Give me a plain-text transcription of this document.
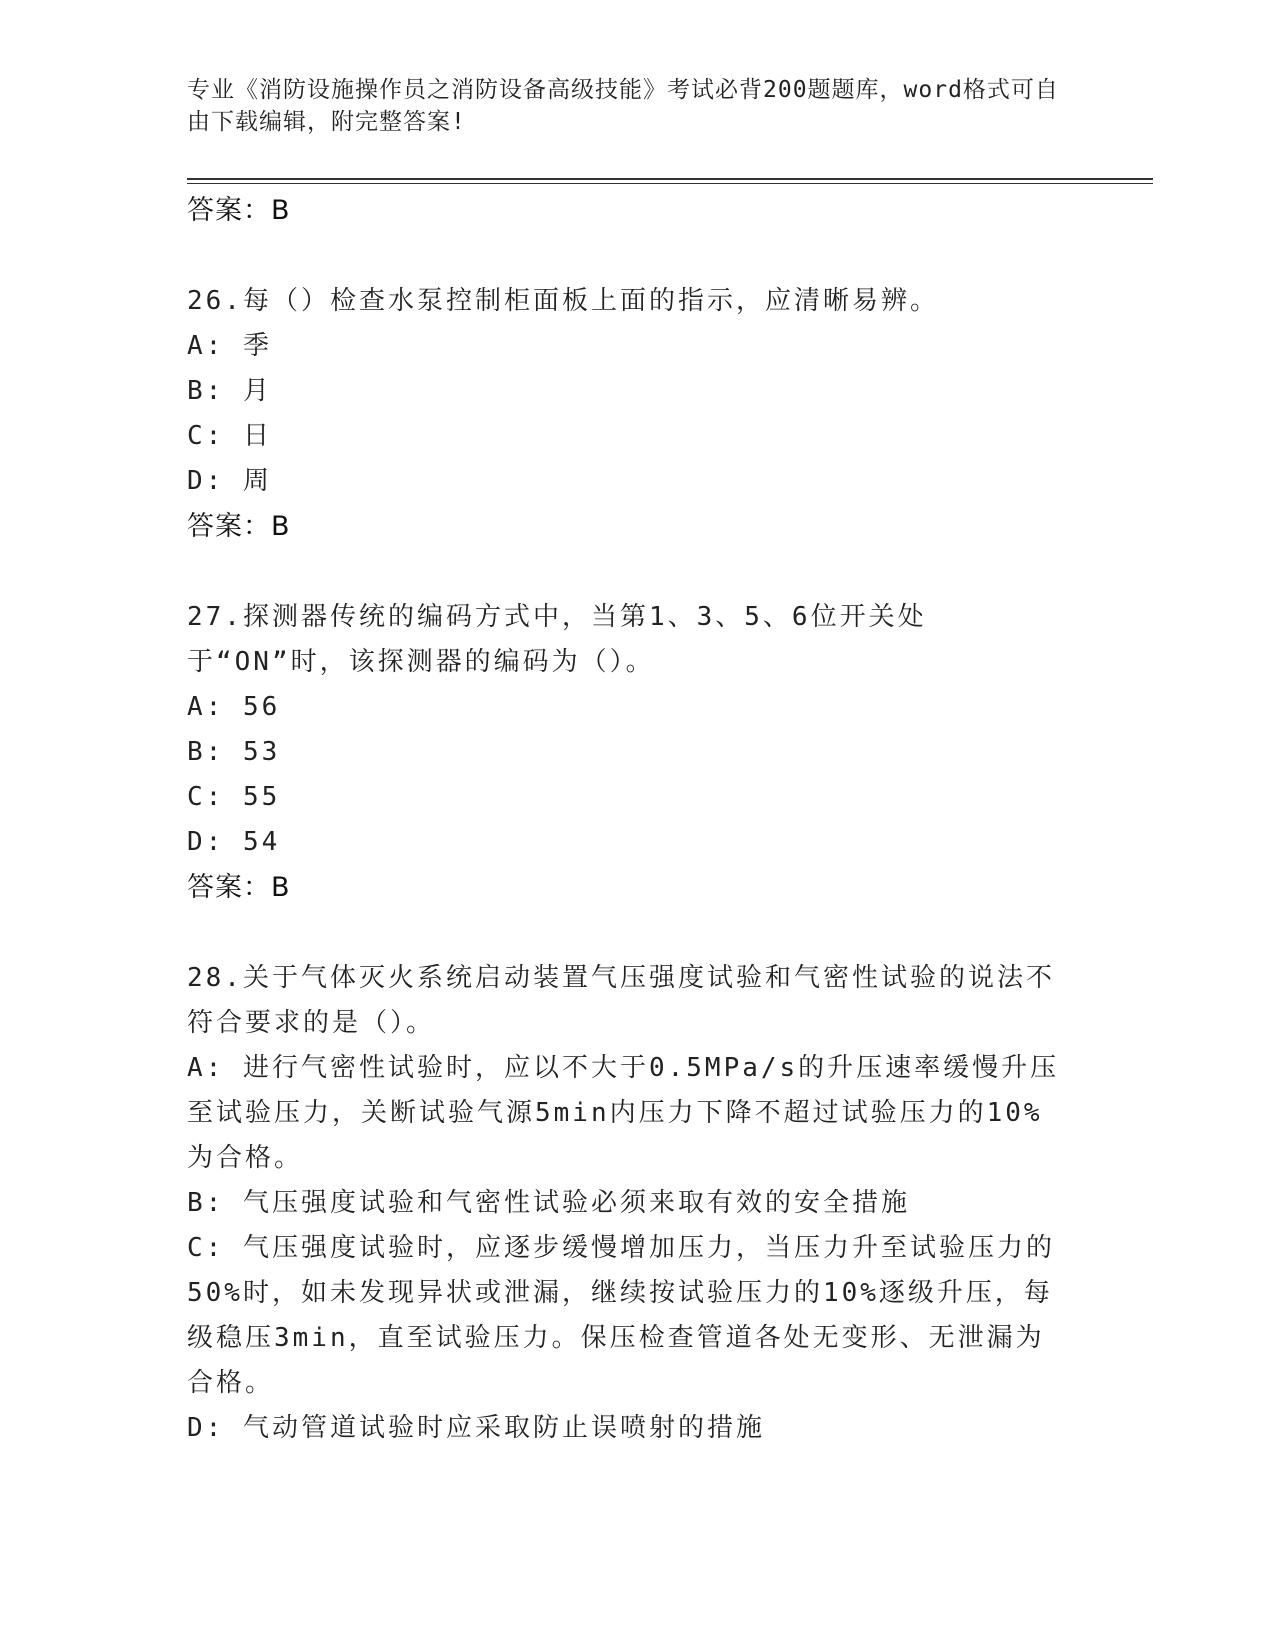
专业《消防设施操作员之消防设备高级技能》考试必背200题题库，word格式可自由下载编辑，附完整答案!

答案：B

26.每（）检查水泵控制柜面板上面的指示，应清晰易辨。

A: 季

B: 月

C: 日

D: 周

答案：B

27.探测器传统的编码方式中，当第1、3、5、6位开关处于“ON”时，该探测器的编码为（）。

A: 56

B: 53

C: 55

D: 54

答案：B

28.关于气体灭火系统启动装置气压强度试验和气密性试验的说法不符合要求的是（）。

A: 进行气密性试验时，应以不大于0.5MPa/s的升压速率缓慢升压至试验压力，关断试验气源5min内压力下降不超过试验压力的10%为合格。

B: 气压强度试验和气密性试验必须来取有效的安全措施

C: 气压强度试验时，应逐步缓慢增加压力，当压力升至试验压力的50%时，如未发现异状或泄漏，继续按试验压力的10%逐级升压，每级稳压3min，直至试验压力。保压检查管道各处无变形、无泄漏为合格。

D: 气动管道试验时应采取防止误喷射的措施
